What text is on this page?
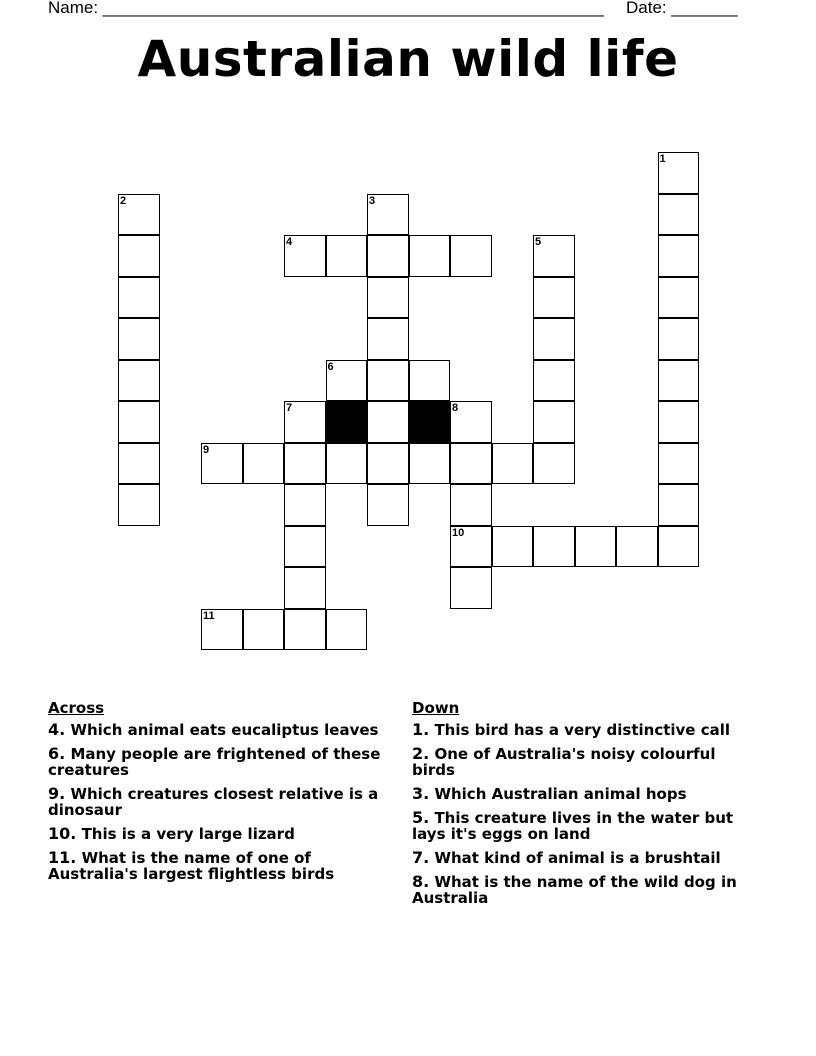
Name: _____________________________________________________ Date: _______
Australian wild life
1
2	3
4	5
6
7	8
10
9
11
Across
4. Which animal eats eucaliptus leaves
6. Many people are frightened of these creatures
9. Which creatures closest relative is a dinosaur
10. This is a very large lizard
11. What is the name of one of Australia's largest flightless birds
Down
1. This bird has a very distinctive call
2. One of Australia's noisy colourful birds
3. Which Australian animal hops
5. This creature lives in the water but lays it's eggs on land
7. What kind of animal is a brushtail
8. What is the name of the wild dog in Australia
